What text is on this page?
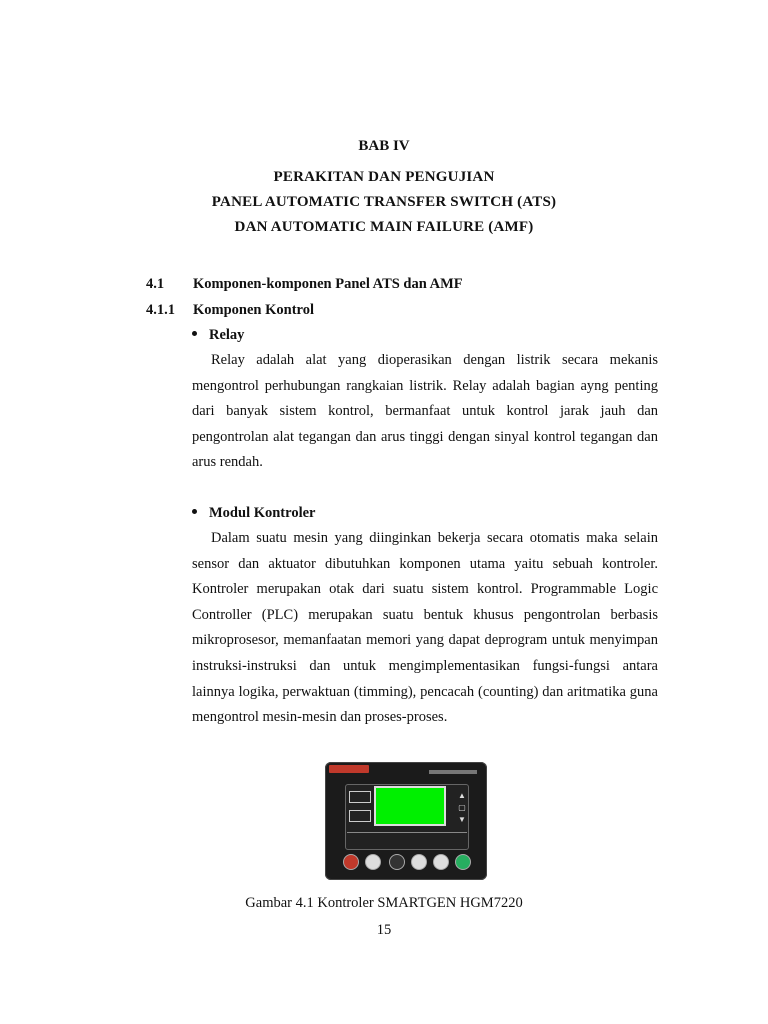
BAB IV
PERAKITAN DAN PENGUJIAN
PANEL AUTOMATIC TRANSFER SWITCH (ATS)
DAN AUTOMATIC MAIN FAILURE (AMF)
4.1 Komponen-komponen Panel ATS dan AMF
4.1.1 Komponen Kontrol
Relay
Relay adalah alat yang dioperasikan dengan listrik secara mekanis mengontrol perhubungan rangkaian listrik. Relay adalah bagian ayng penting dari banyak sistem kontrol, bermanfaat untuk kontrol jarak jauh dan pengontrolan alat tegangan dan arus tinggi dengan sinyal kontrol tegangan dan arus rendah.
Modul Kontroler
Dalam suatu mesin yang diinginkan bekerja secara otomatis maka selain sensor dan aktuator dibutuhkan komponen utama yaitu sebuah kontroler. Kontroler merupakan otak dari suatu sistem kontrol. Programmable Logic Controller (PLC) merupakan suatu bentuk khusus pengontrolan berbasis mikroprosesor, memanfaatan memori yang dapat deprogram untuk menyimpan instruksi-instruksi dan untuk mengimplementasikan fungsi-fungsi antara lainnya logika, perwaktuan (timming), pencacah (counting) dan aritmatika guna mengontrol mesin-mesin dan proses-proses.
▲
▢
▼
Gambar 4.1 Kontroler SMARTGEN HGM7220
15
